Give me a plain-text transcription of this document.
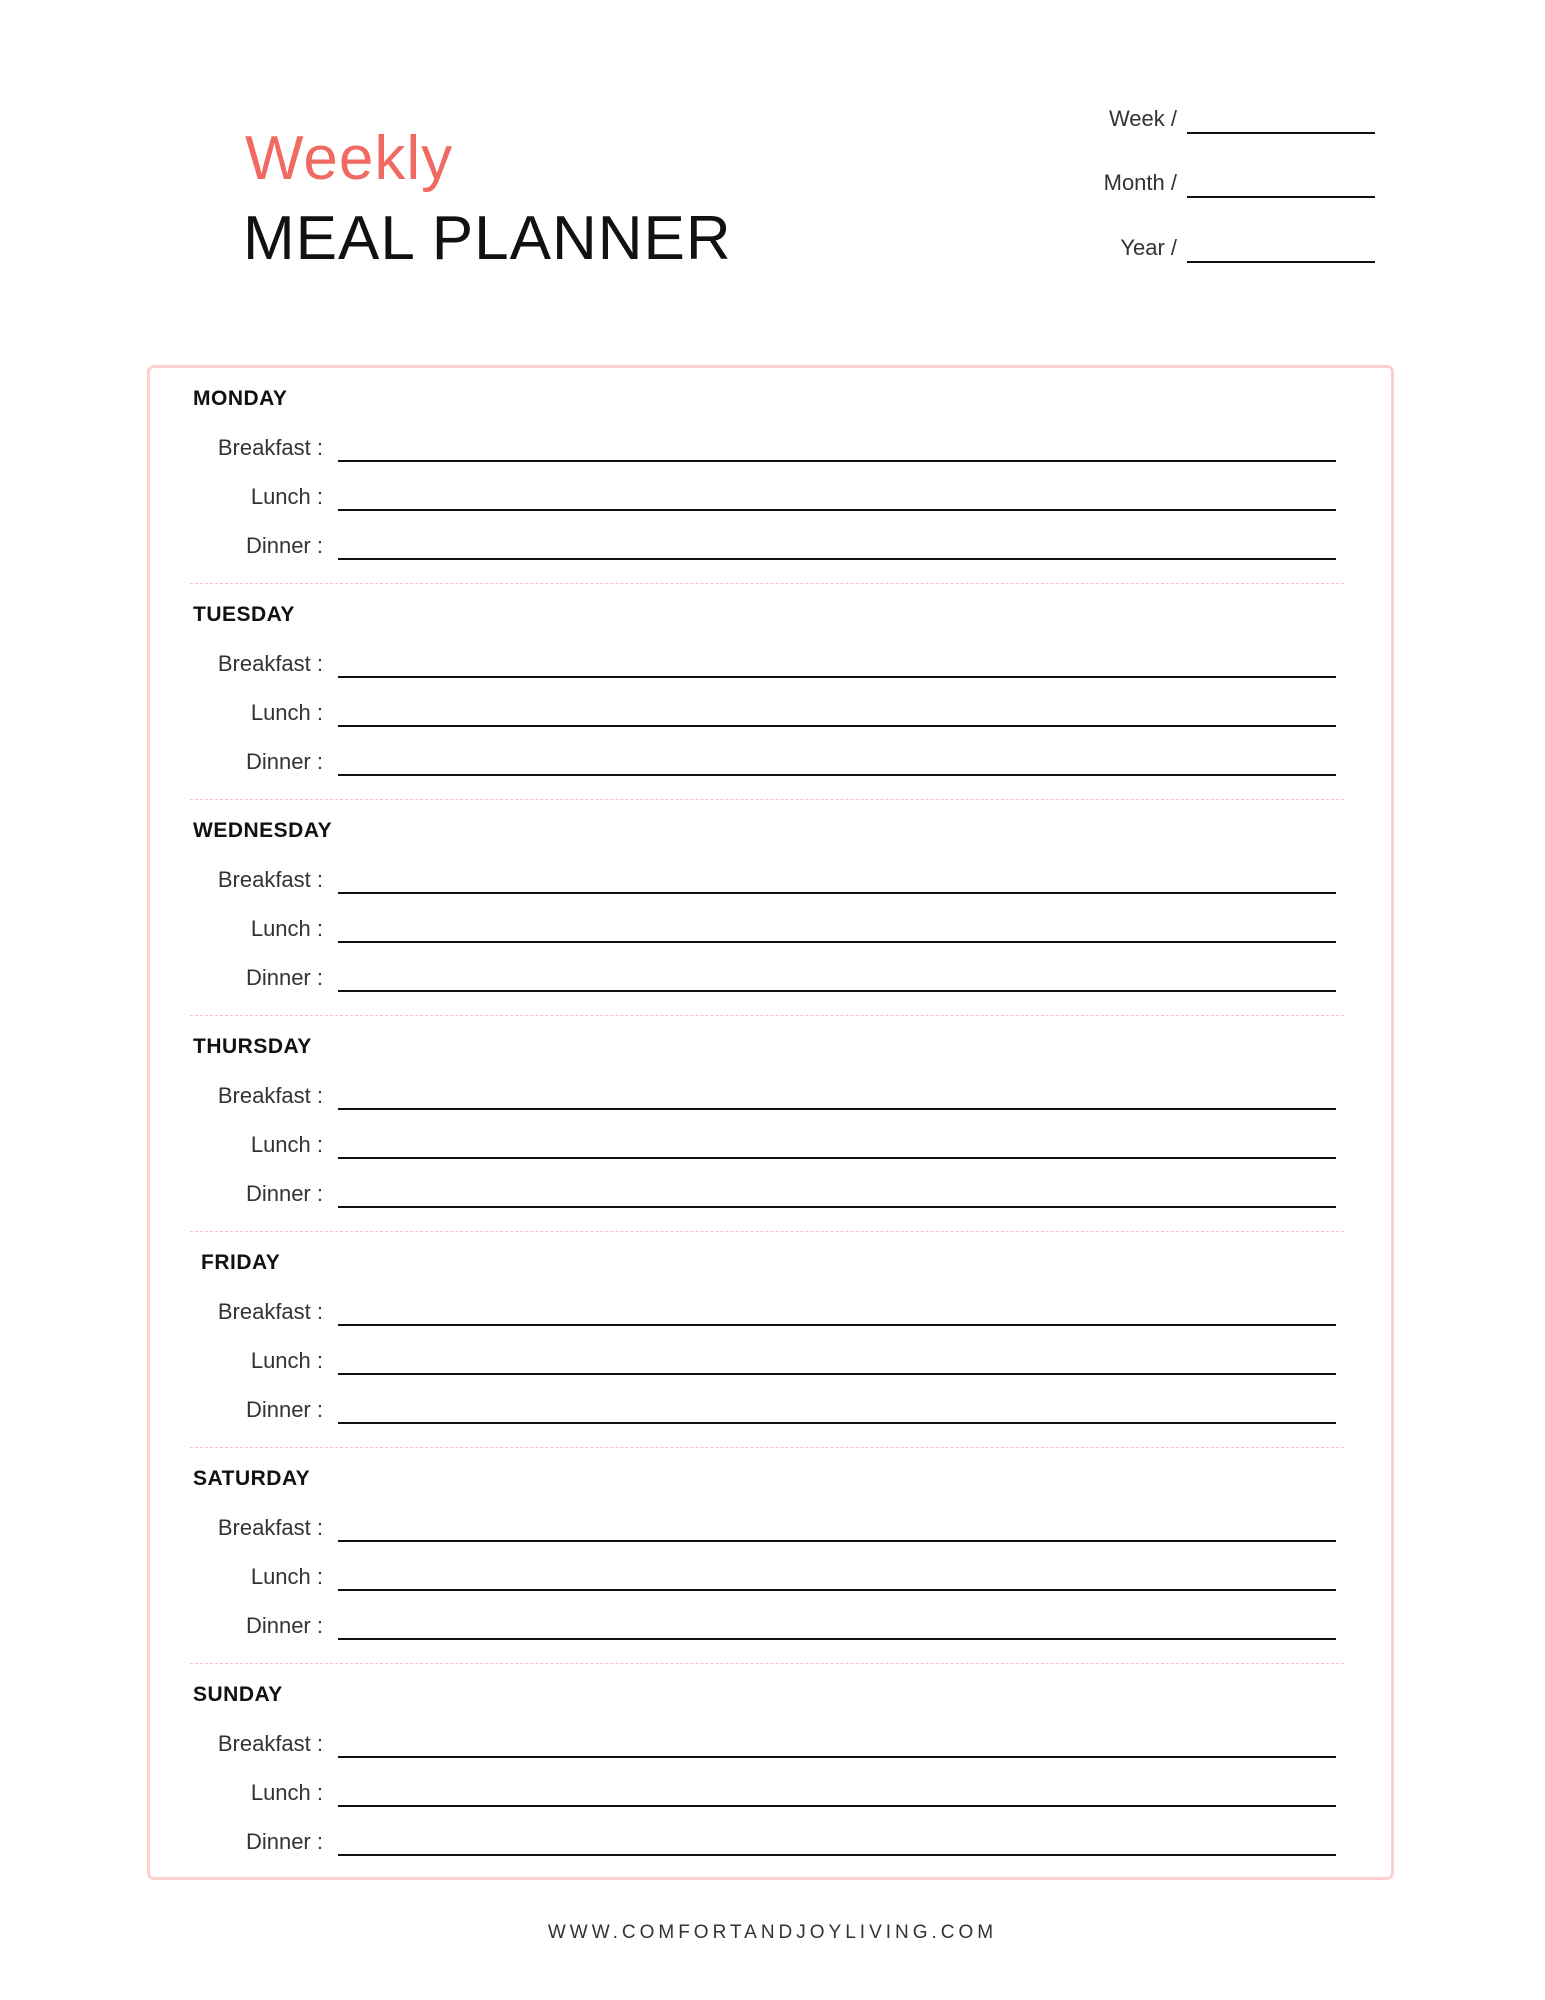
Weekly
MEAL PLANNER
Week /
Month /
Year /
MONDAY
Breakfast :
Lunch :
Dinner :
TUESDAY
Breakfast :
Lunch :
Dinner :
WEDNESDAY
Breakfast :
Lunch :
Dinner :
THURSDAY
Breakfast :
Lunch :
Dinner :
FRIDAY
Breakfast :
Lunch :
Dinner :
SATURDAY
Breakfast :
Lunch :
Dinner :
SUNDAY
Breakfast :
Lunch :
Dinner :
WWW.COMFORTANDJOYLIVING.COM
